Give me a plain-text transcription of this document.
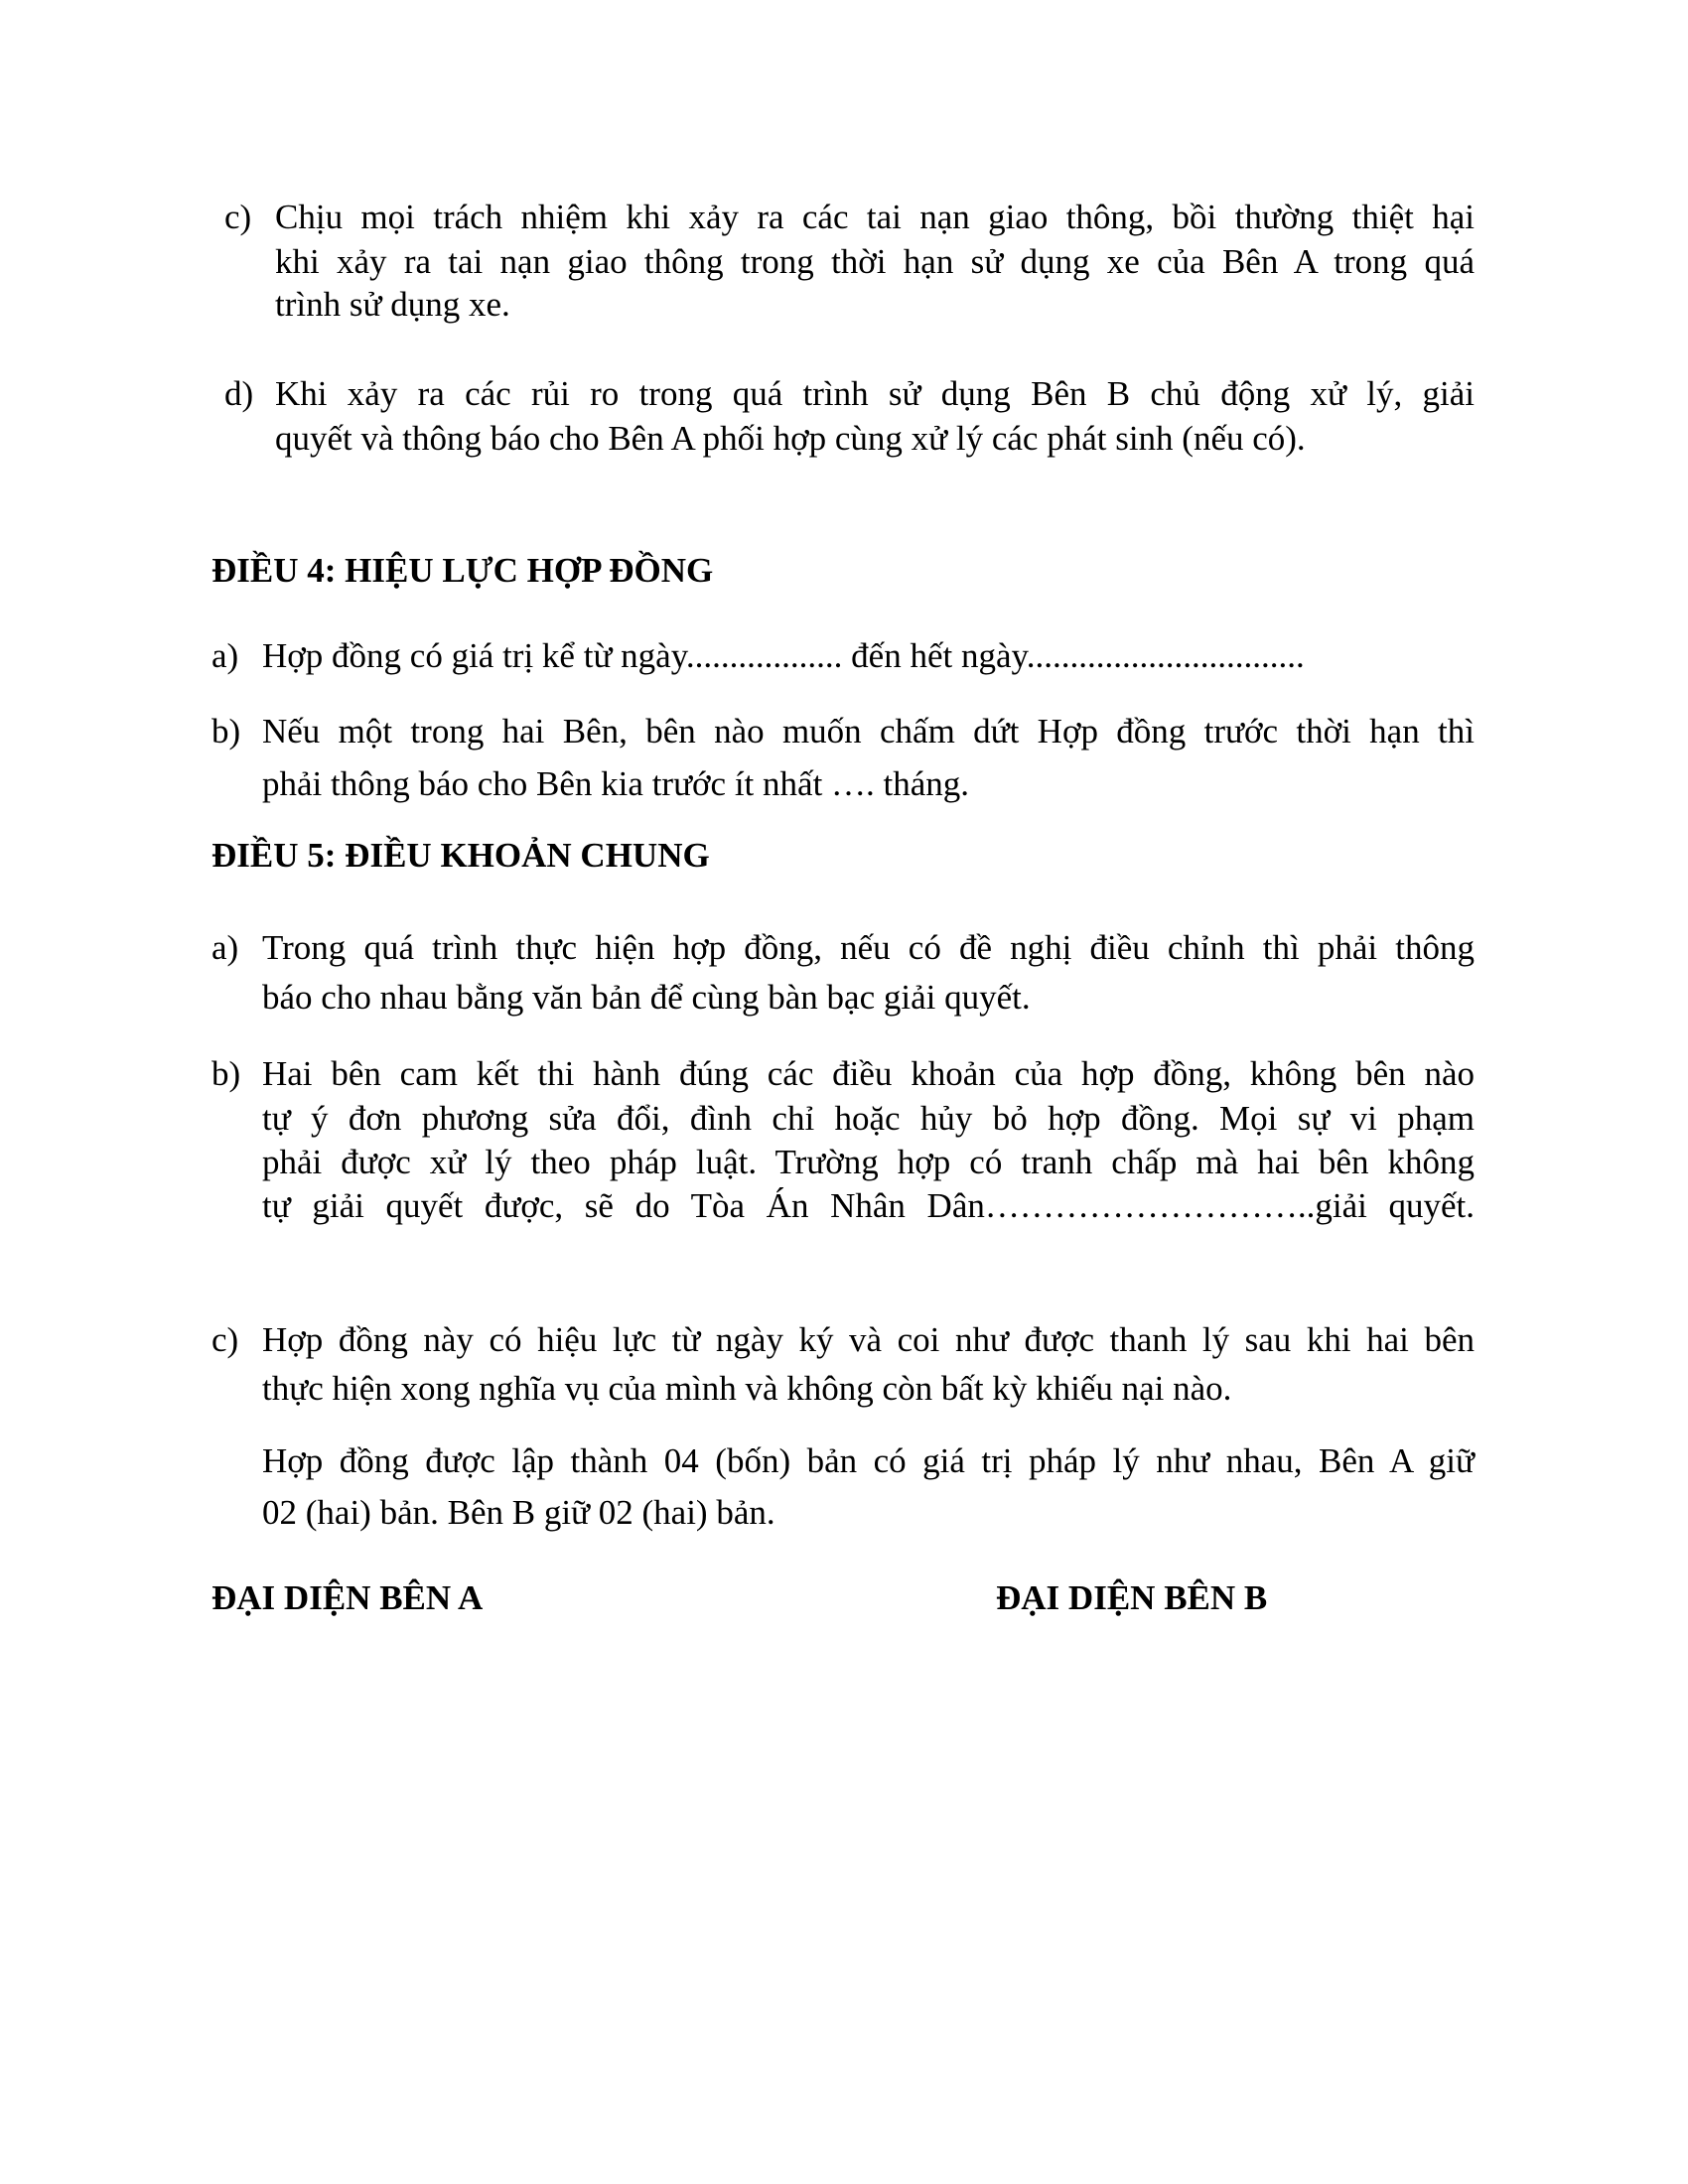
c) Chịu mọi trách nhiệm khi xảy ra các tai nạn giao thông, bồi thường thiệt hại
khi xảy ra tai nạn giao thông trong thời hạn sử dụng xe của Bên A trong quá
trình sử dụng xe.
d) Khi xảy ra các rủi ro trong quá trình sử dụng Bên B chủ động xử lý, giải
quyết và thông báo cho Bên A phối hợp cùng xử lý các phát sinh (nếu có).
ĐIỀU 4: HIỆU LỰC HỢP ĐỒNG
a) Hợp đồng có giá trị kể từ ngày.................. đến hết ngày................................
b) Nếu một trong hai Bên, bên nào muốn chấm dứt Hợp đồng trước thời hạn thì
phải thông báo cho Bên kia trước ít nhất …. tháng.
ĐIỀU 5: ĐIỀU KHOẢN CHUNG
a) Trong quá trình thực hiện hợp đồng, nếu có đề nghị điều chỉnh thì phải thông
báo cho nhau bằng văn bản để cùng bàn bạc giải quyết.
b) Hai bên cam kết thi hành đúng các điều khoản của hợp đồng, không bên nào
tự ý đơn phương sửa đổi, đình chỉ hoặc hủy bỏ hợp đồng. Mọi sự vi phạm
phải được xử lý theo pháp luật. Trường hợp có tranh chấp mà hai bên không
tự giải quyết được, sẽ do Tòa Án Nhân Dân………………………..giải quyết.
c) Hợp đồng này có hiệu lực từ ngày ký và coi như được thanh lý sau khi hai bên
thực hiện xong nghĩa vụ của mình và không còn bất kỳ khiếu nại nào.
Hợp đồng được lập thành 04 (bốn) bản có giá trị pháp lý như nhau, Bên A giữ
02 (hai) bản. Bên B giữ 02 (hai) bản.
ĐẠI DIỆN BÊN A	ĐẠI DIỆN BÊN B
